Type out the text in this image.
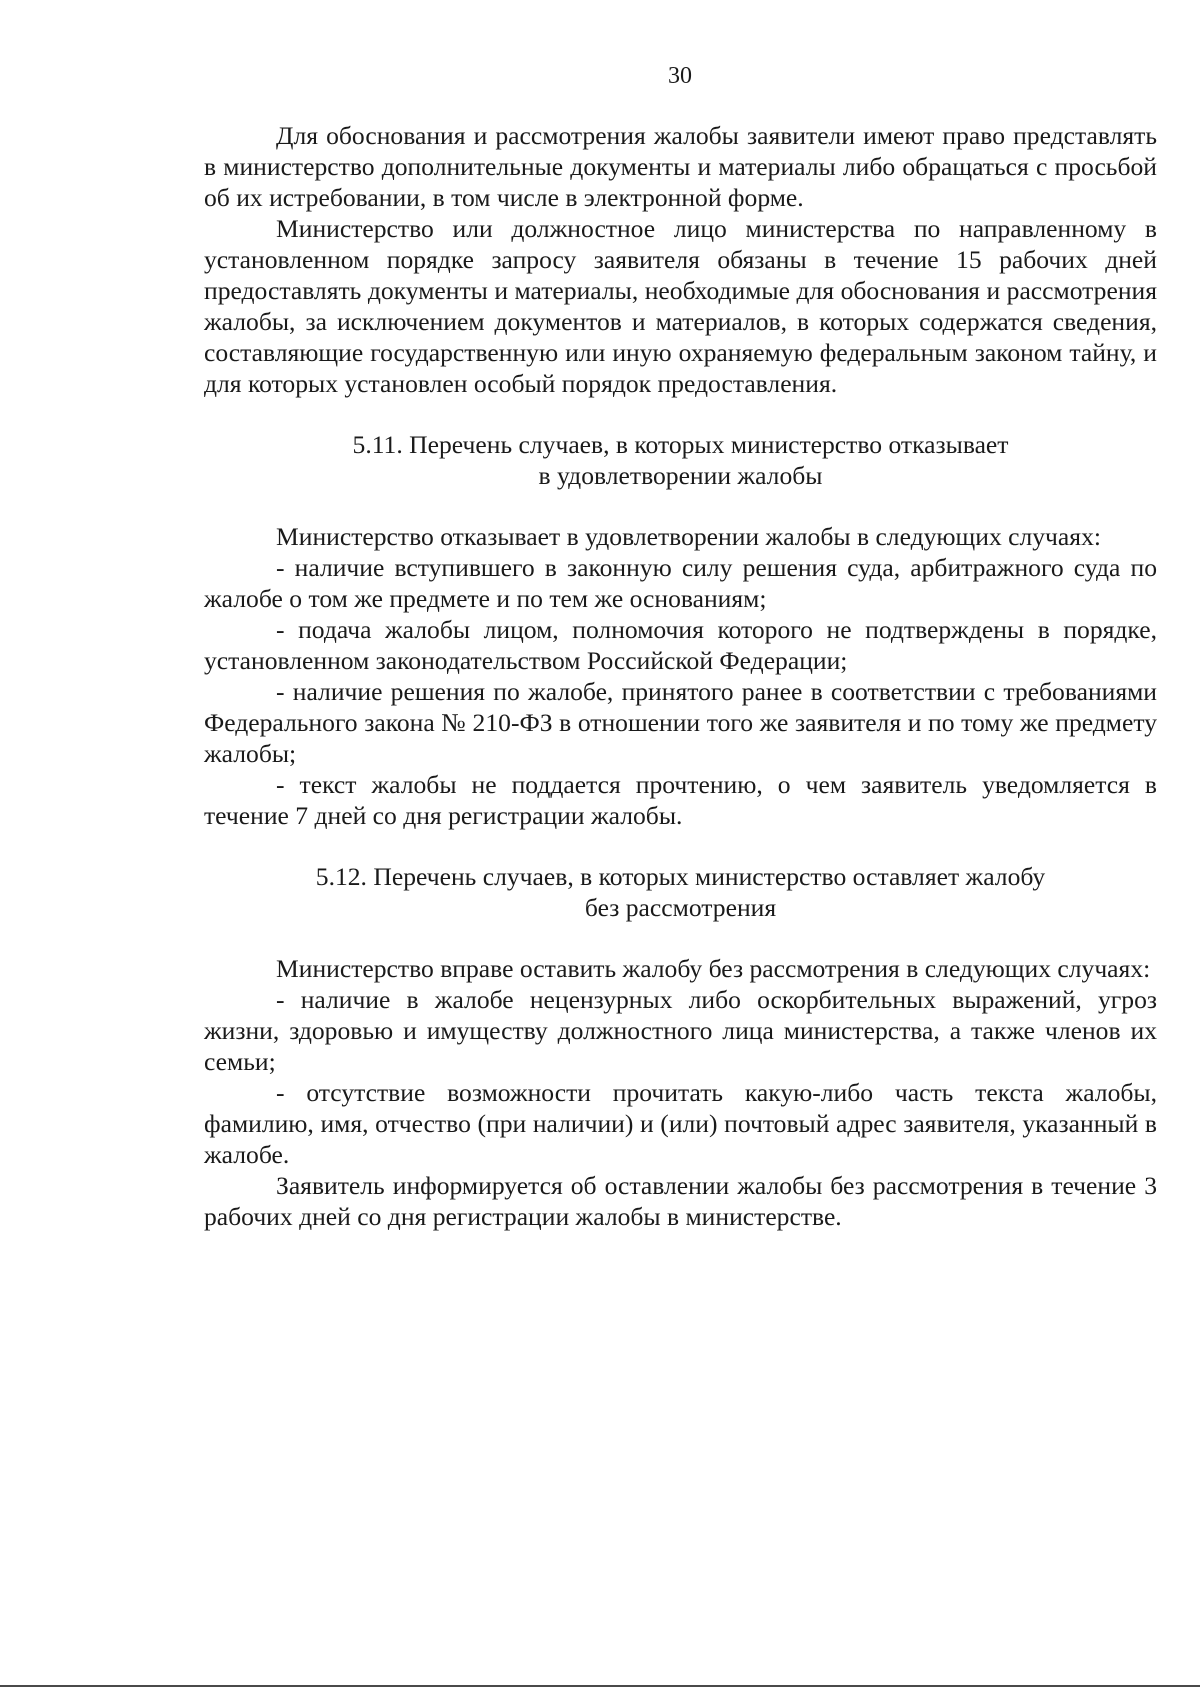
30

Для обоснования и рассмотрения жалобы заявители имеют право представлять в министерство дополнительные документы и материалы либо обращаться с просьбой об их истребовании, в том числе в электронной форме.

Министерство или должностное лицо министерства по направленному в установленном порядке запросу заявителя обязаны в течение 15 рабочих дней предоставлять документы и материалы, необходимые для обоснования и рассмотрения жалобы, за исключением документов и материалов, в которых содержатся сведения, составляющие государственную или иную охраняемую федеральным законом тайну, и для которых установлен особый порядок предоставления.

5.11. Перечень случаев, в которых министерство отказывает
в удовлетворении жалобы

Министерство отказывает в удовлетворении жалобы в следующих случаях:

- наличие вступившего в законную силу решения суда, арбитражного суда по жалобе о том же предмете и по тем же основаниям;

- подача жалобы лицом, полномочия которого не подтверждены в порядке, установленном законодательством Российской Федерации;

- наличие решения по жалобе, принятого ранее в соответствии с требованиями Федерального закона № 210-ФЗ в отношении того же заявителя и по тому же предмету жалобы;

- текст жалобы не поддается прочтению, о чем заявитель уведомляется в течение 7 дней со дня регистрации жалобы.

5.12. Перечень случаев, в которых министерство оставляет жалобу
без рассмотрения

Министерство вправе оставить жалобу без рассмотрения в следующих случаях:

- наличие в жалобе нецензурных либо оскорбительных выражений, угроз жизни, здоровью и имуществу должностного лица министерства, а также членов их семьи;

- отсутствие возможности прочитать какую-либо часть текста жалобы, фамилию, имя, отчество (при наличии) и (или) почтовый адрес заявителя, указанный в жалобе.

Заявитель информируется об оставлении жалобы без рассмотрения в течение 3 рабочих дней со дня регистрации жалобы в министерстве.
